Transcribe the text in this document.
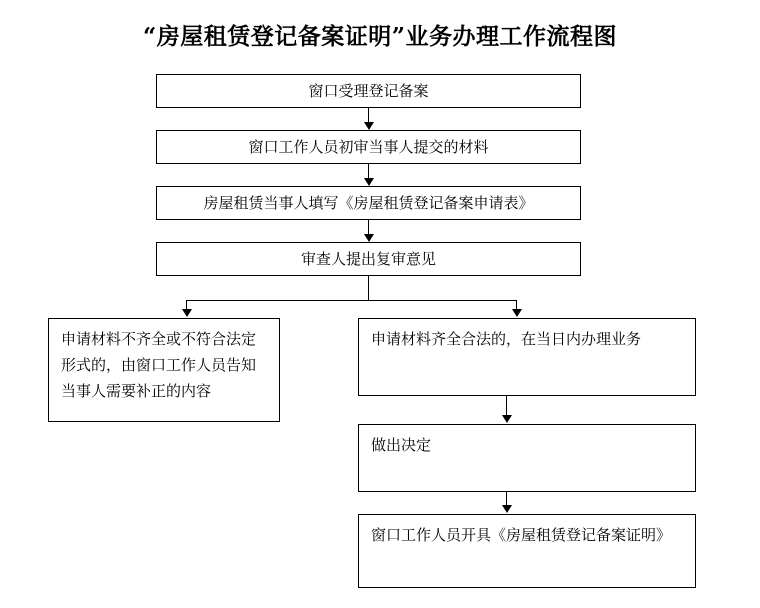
“房屋租赁登记备案证明”业务办理工作流程图
窗口受理登记备案
窗口工作人员初审当事人提交的材料
房屋租赁当事人填写《房屋租赁登记备案申请表》
审查人提出复审意见
申请材料不齐全或不符合法定形式的，由窗口工作人员告知当事人需要补正的内容
申请材料齐全合法的，在当日内办理业务
做出决定
窗口工作人员开具《房屋租赁登记备案证明》
